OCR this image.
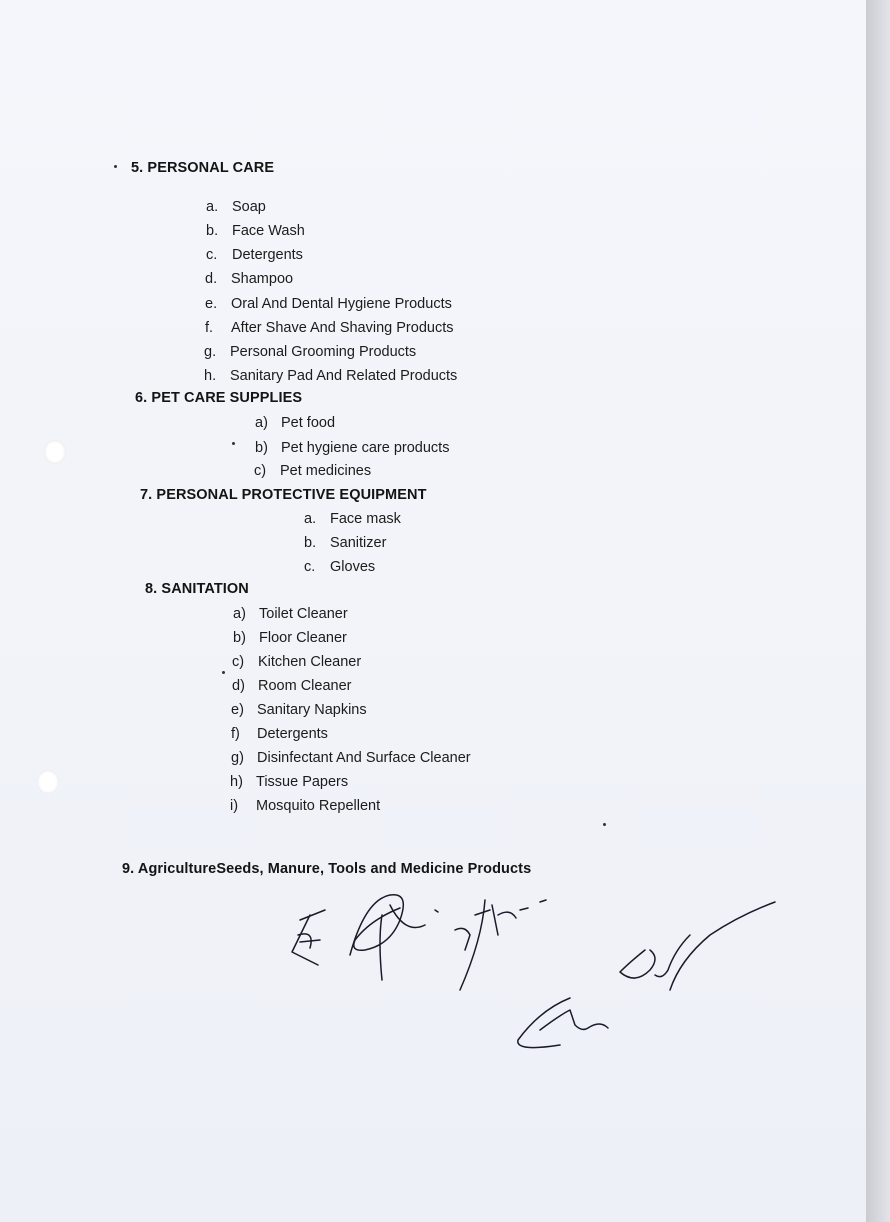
5. PERSONAL CARE
a. Soap
b. Face Wash
c. Detergents
d. Shampoo
e. Oral And Dental Hygiene Products
f. After Shave And Shaving Products
g. Personal Grooming Products
h. Sanitary Pad And Related Products
6. PET CARE SUPPLIES
a) Pet food
b) Pet hygiene care products
c) Pet medicines
7. PERSONAL PROTECTIVE EQUIPMENT
a. Face mask
b. Sanitizer
c. Gloves
8. SANITATION
a) Toilet Cleaner
b) Floor Cleaner
c) Kitchen Cleaner
d) Room Cleaner
e) Sanitary Napkins
f) Detergents
g) Disinfectant And Surface Cleaner
h) Tissue Papers
i) Mosquito Repellent
9. AgricultureSeeds, Manure, Tools and Medicine Products
